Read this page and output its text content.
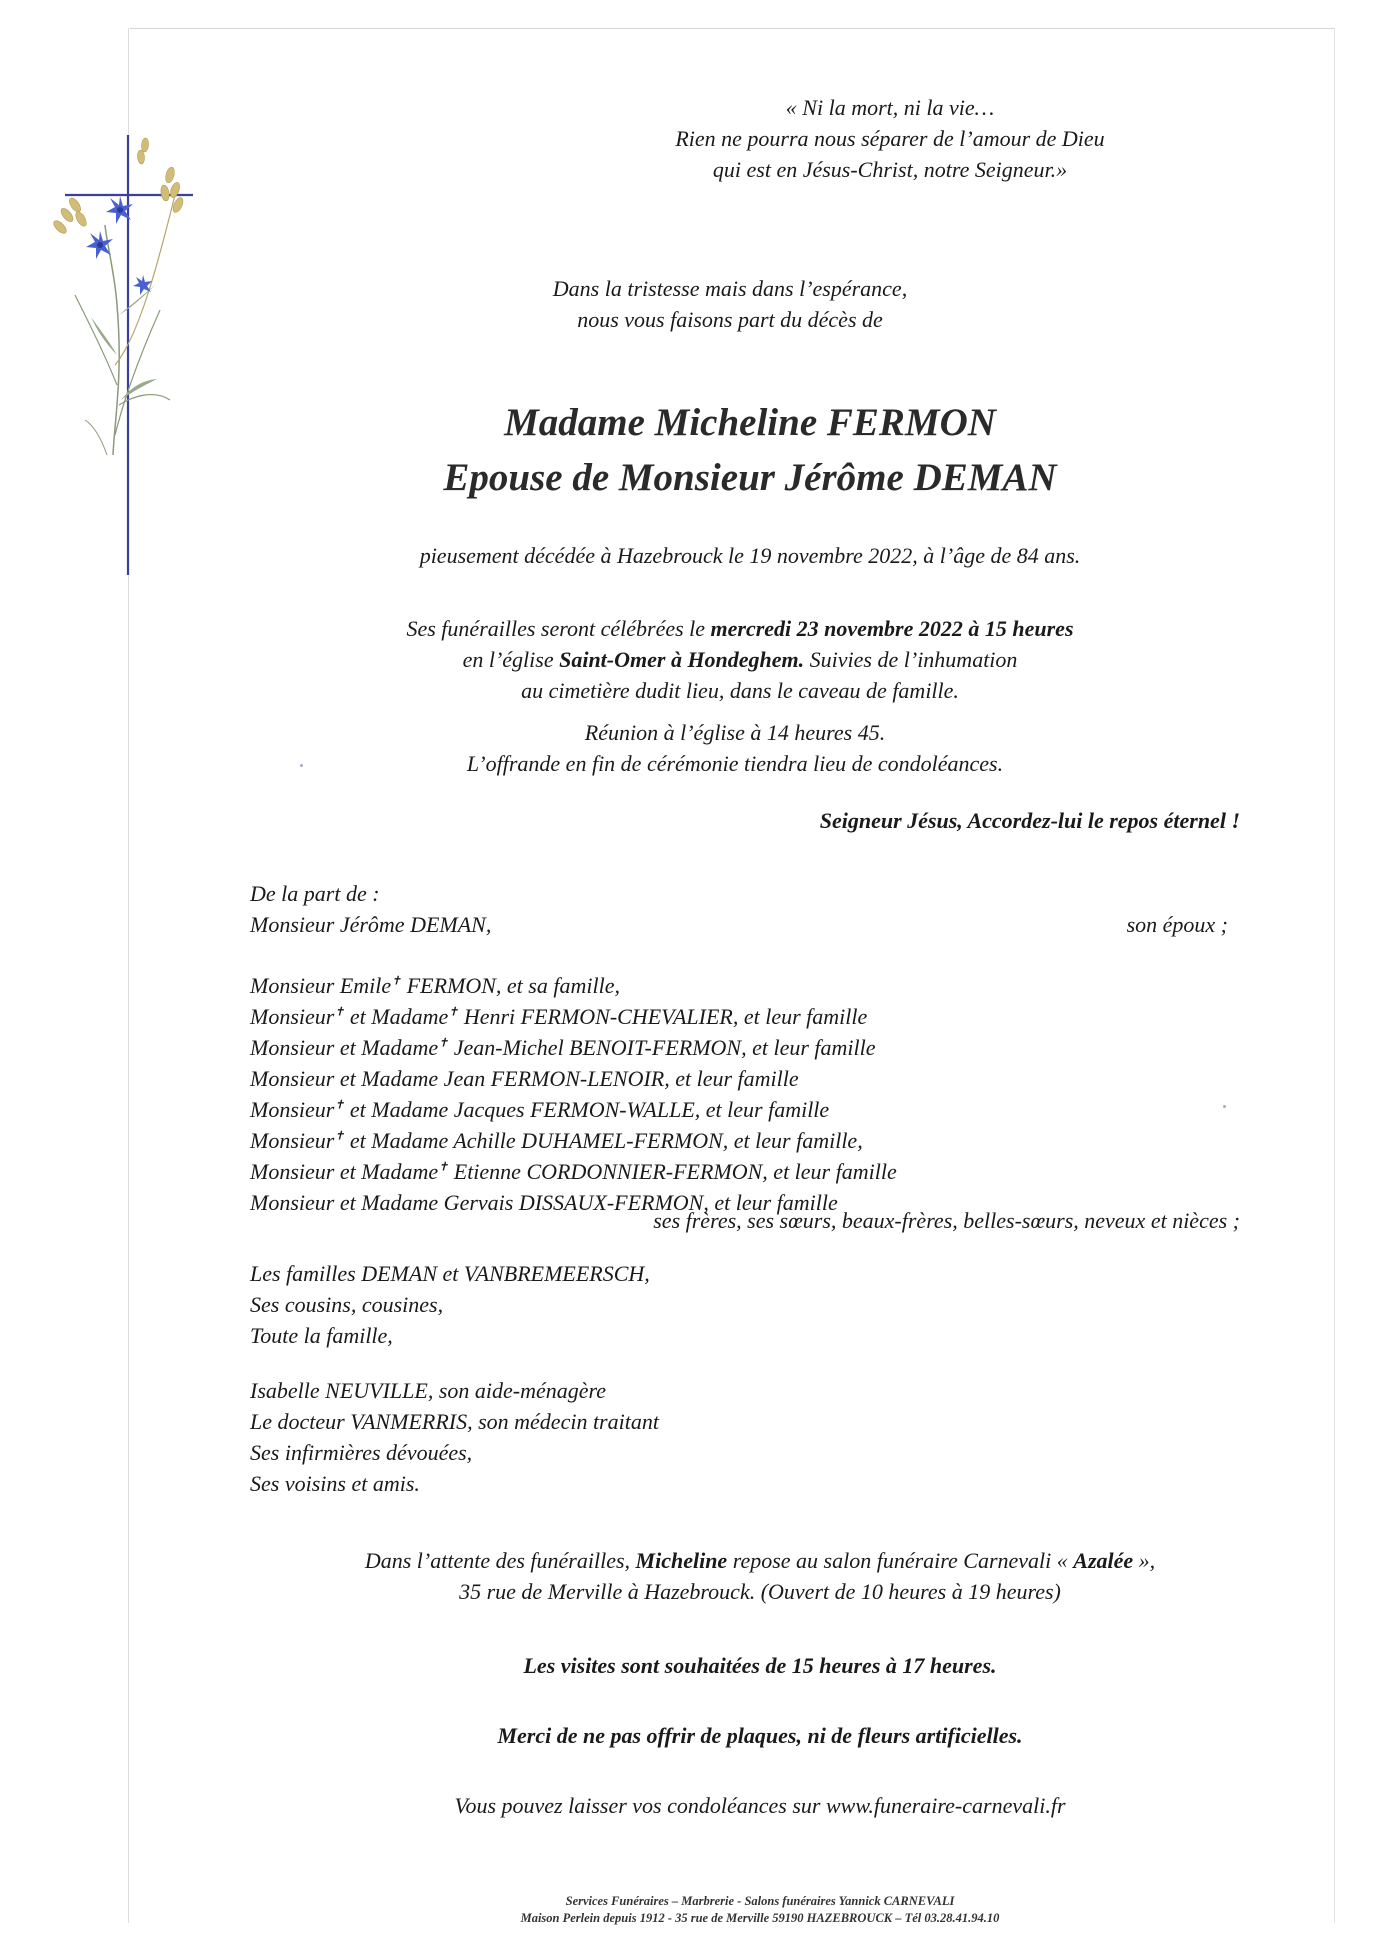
« Ni la mort, ni la vie…
Rien ne pourra nous séparer de l’amour de Dieu
qui est en Jésus-Christ, notre Seigneur.»
Dans la tristesse mais dans l’espérance,
nous vous faisons part du décès de
Madame Micheline FERMON
Epouse de Monsieur Jérôme DEMAN
pieusement décédée à Hazebrouck le 19 novembre 2022, à l’âge de 84 ans.
Ses funérailles seront célébrées le mercredi 23 novembre 2022 à 15 heures
en l’église Saint-Omer à Hondeghem. Suivies de l’inhumation
au cimetière dudit lieu, dans le caveau de famille.
Réunion à l’église à 14 heures 45.
L’offrande en fin de cérémonie tiendra lieu de condoléances.
Seigneur Jésus, Accordez-lui le repos éternel !
De la part de :
Monsieur Jérôme DEMAN,	son époux ;
Monsieur Emile✝ FERMON, et sa famille,
Monsieur✝ et Madame✝ Henri FERMON-CHEVALIER, et leur famille
Monsieur et Madame✝ Jean-Michel BENOIT-FERMON, et leur famille
Monsieur et Madame Jean FERMON-LENOIR, et leur famille
Monsieur✝ et Madame Jacques FERMON-WALLE, et leur famille
Monsieur✝ et Madame Achille DUHAMEL-FERMON, et leur famille,
Monsieur et Madame✝ Etienne CORDONNIER-FERMON, et leur famille
Monsieur et Madame Gervais DISSAUX-FERMON, et leur famille
ses frères, ses sœurs, beaux-frères, belles-sœurs, neveux et nièces ;
Les familles DEMAN et VANBREMEERSCH,
Ses cousins, cousines,
Toute la famille,
Isabelle NEUVILLE, son aide-ménagère
Le docteur VANMERRIS, son médecin traitant
Ses infirmières dévouées,
Ses voisins et amis.
Dans l’attente des funérailles, Micheline repose au salon funéraire Carnevali « Azalée »,
35 rue de Merville à Hazebrouck. (Ouvert de 10 heures à 19 heures)
Les visites sont souhaitées de 15 heures à 17 heures.
Merci de ne pas offrir de plaques, ni de fleurs artificielles.
Vous pouvez laisser vos condoléances sur www.funeraire-carnevali.fr
Services Funéraires – Marbrerie - Salons funéraires Yannick CARNEVALI
Maison Perlein depuis 1912 - 35 rue de Merville 59190 HAZEBROUCK – Tél 03.28.41.94.10
